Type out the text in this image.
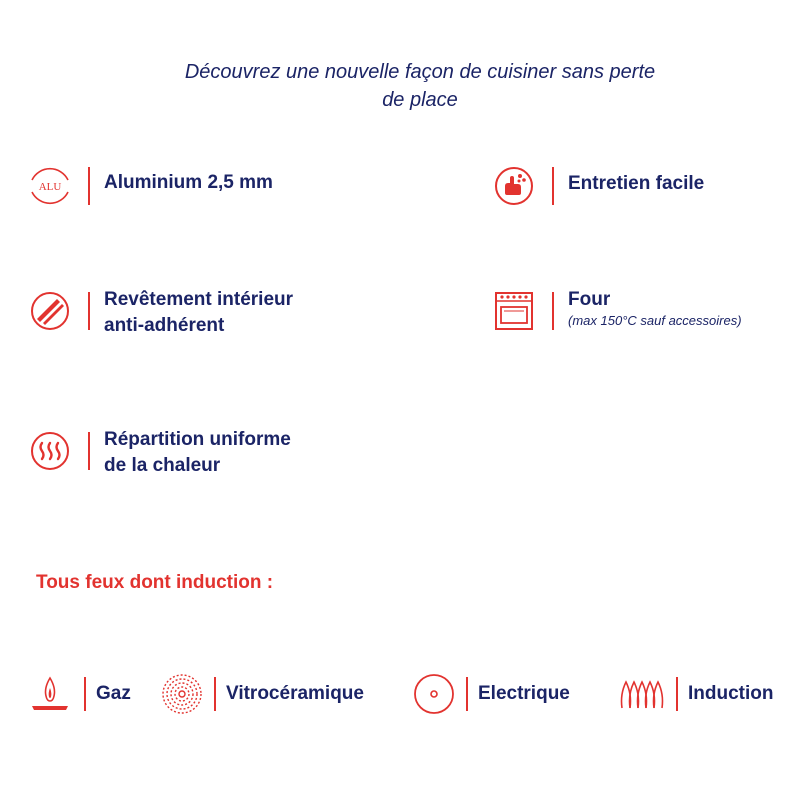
Découvrez une nouvelle façon de cuisiner sans perte
de place
ALU Aluminium 2,5 mm	Entretien facile
Revêtement intérieur
anti-adhérent
Four
(max 150°C sauf accessoires)
Répartition uniforme
de la chaleur
Tous feux dont induction :
Gaz	Vitrocéramique	Electrique	Induction
